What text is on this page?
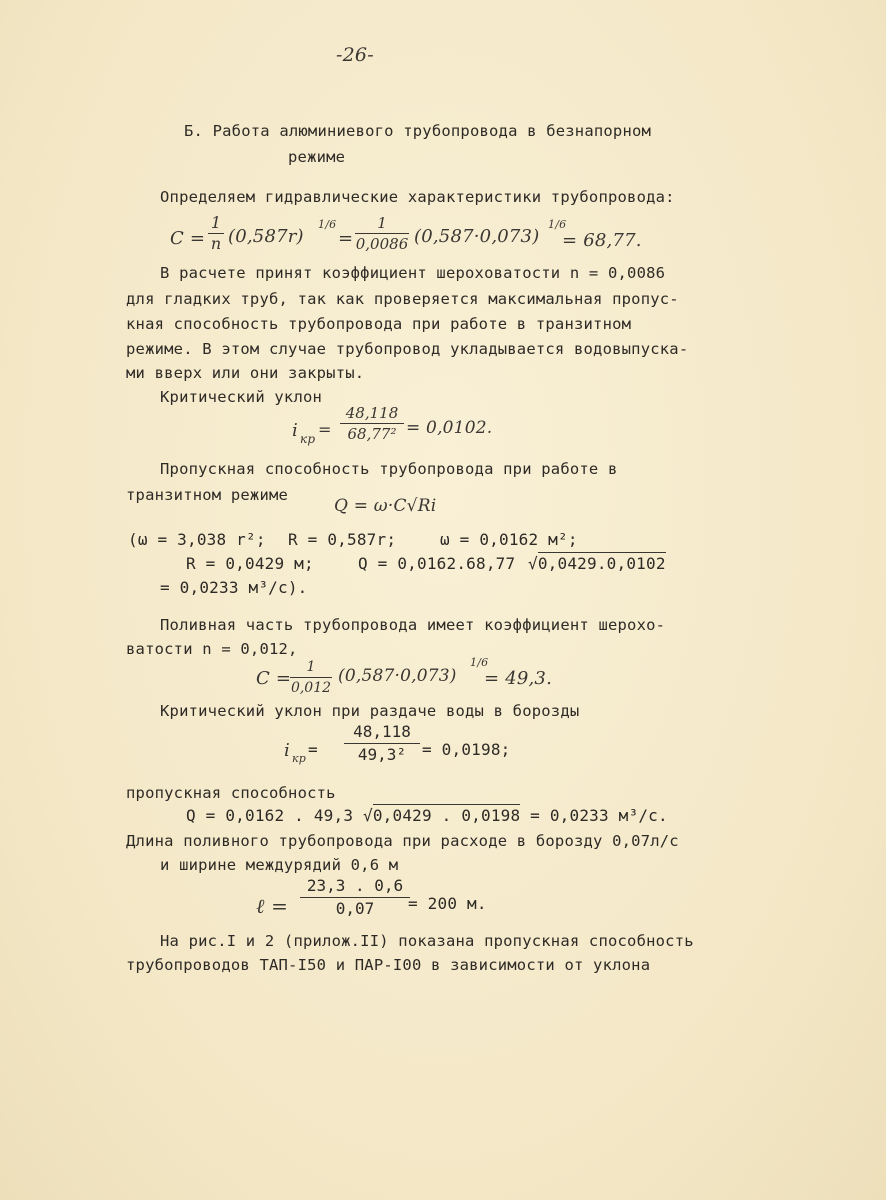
-26-
Б. Работа алюминиевого трубопровода в безнапорном
режиме
Определяем гидравлические характеристики трубопровода:
C =
1
n (0,587r)
1/6
=
1
0,0086 (0,587·0,073)
1/6
= 68,77.
В расчете принят коэффициент шероховатости n = 0,0086
для гладких труб, так как проверяется максимальная пропус-
кная способность трубопровода при работе в транзитном
режиме. В этом случае трубопровод укладывается водовыпуска-
ми вверх или они закрыты.
Критический уклон
i кр =
48,118
68,77² = 0,0102.
Пропускная способность трубопровода при работе в
транзитном режиме
Q = ω·C√Ri
(ω = 3,038 r²; R = 0,587r;	ω = 0,0162 м²;
R = 0,0429 м;	Q = 0,0162.68,77 √0,0429.0,0102
= 0,0233 м³/с).
Поливная часть трубопровода имеет коэффициент шерохо-
ватости n = 0,012,
C =
1
0,012
(0,587·0,073)
1/6
= 49,3.
Критический уклон при раздаче воды в борозды
i кр =
48,118
49,3² = 0,0198;
пропускная способность
Q = 0,0162 . 49,3 √0,0429 . 0,0198 = 0,0233 м³/с.
Длина поливного трубопровода при расходе в борозду 0,07л/с
и ширине междурядий 0,6 м
ℓ =
23,3 . 0,6
0,07	= 200 м.
На рис.I и 2 (прилож.II) показана пропускная способность
трубопроводов ТАП-I50 и ПАР-I00 в зависимости от уклона
